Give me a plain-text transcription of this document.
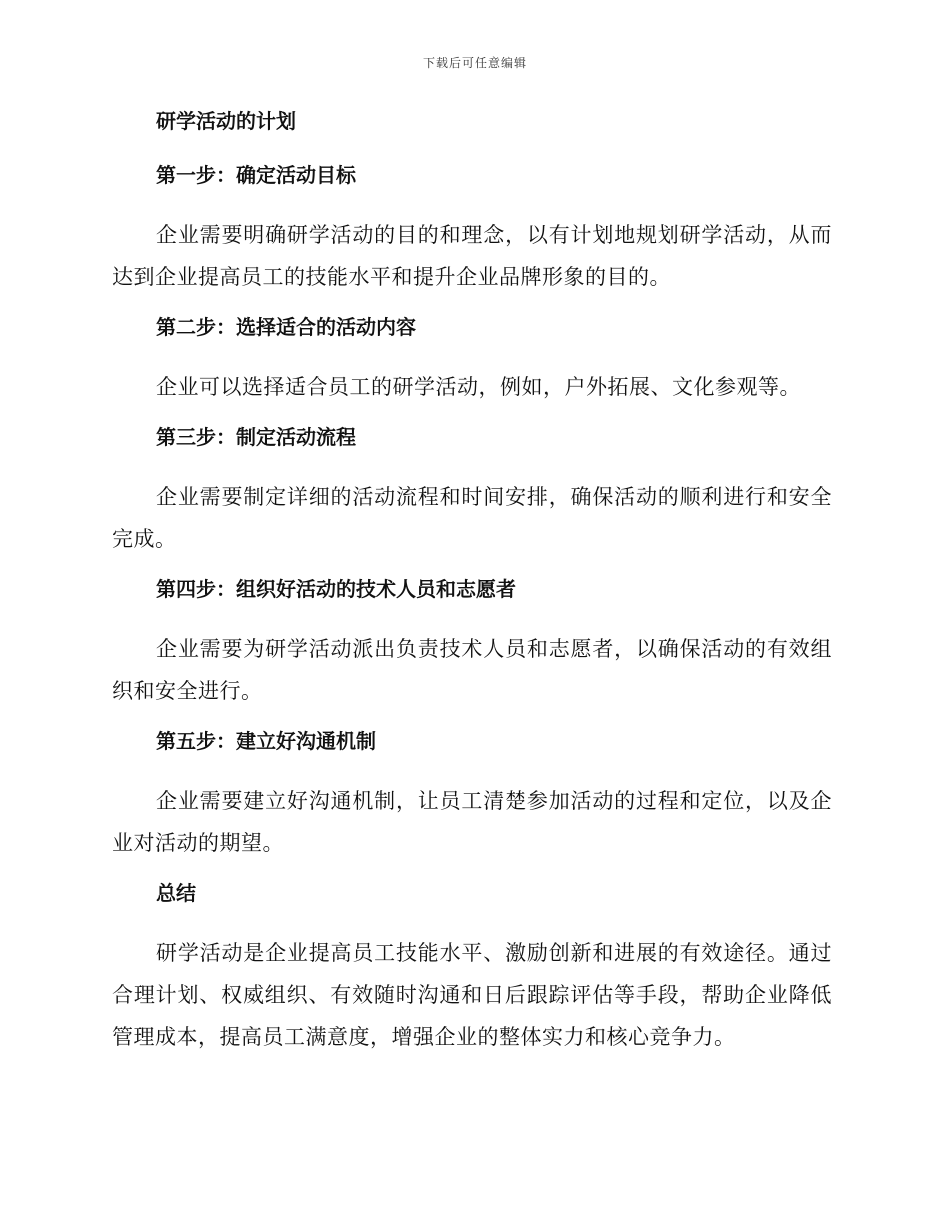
下载后可任意编辑
研学活动的计划
第一步：确定活动目标
企业需要明确研学活动的目的和理念，以有计划地规划研学活动，从而达到企业提高员工的技能水平和提升企业品牌形象的目的。
第二步：选择适合的活动内容
企业可以选择适合员工的研学活动，例如，户外拓展、文化参观等。
第三步：制定活动流程
企业需要制定详细的活动流程和时间安排，确保活动的顺利进行和安全完成。
第四步：组织好活动的技术人员和志愿者
企业需要为研学活动派出负责技术人员和志愿者，以确保活动的有效组织和安全进行。
第五步：建立好沟通机制
企业需要建立好沟通机制，让员工清楚参加活动的过程和定位，以及企业对活动的期望。
总结
研学活动是企业提高员工技能水平、激励创新和进展的有效途径。通过合理计划、权威组织、有效随时沟通和日后跟踪评估等手段，帮助企业降低管理成本，提高员工满意度，增强企业的整体实力和核心竞争力。
